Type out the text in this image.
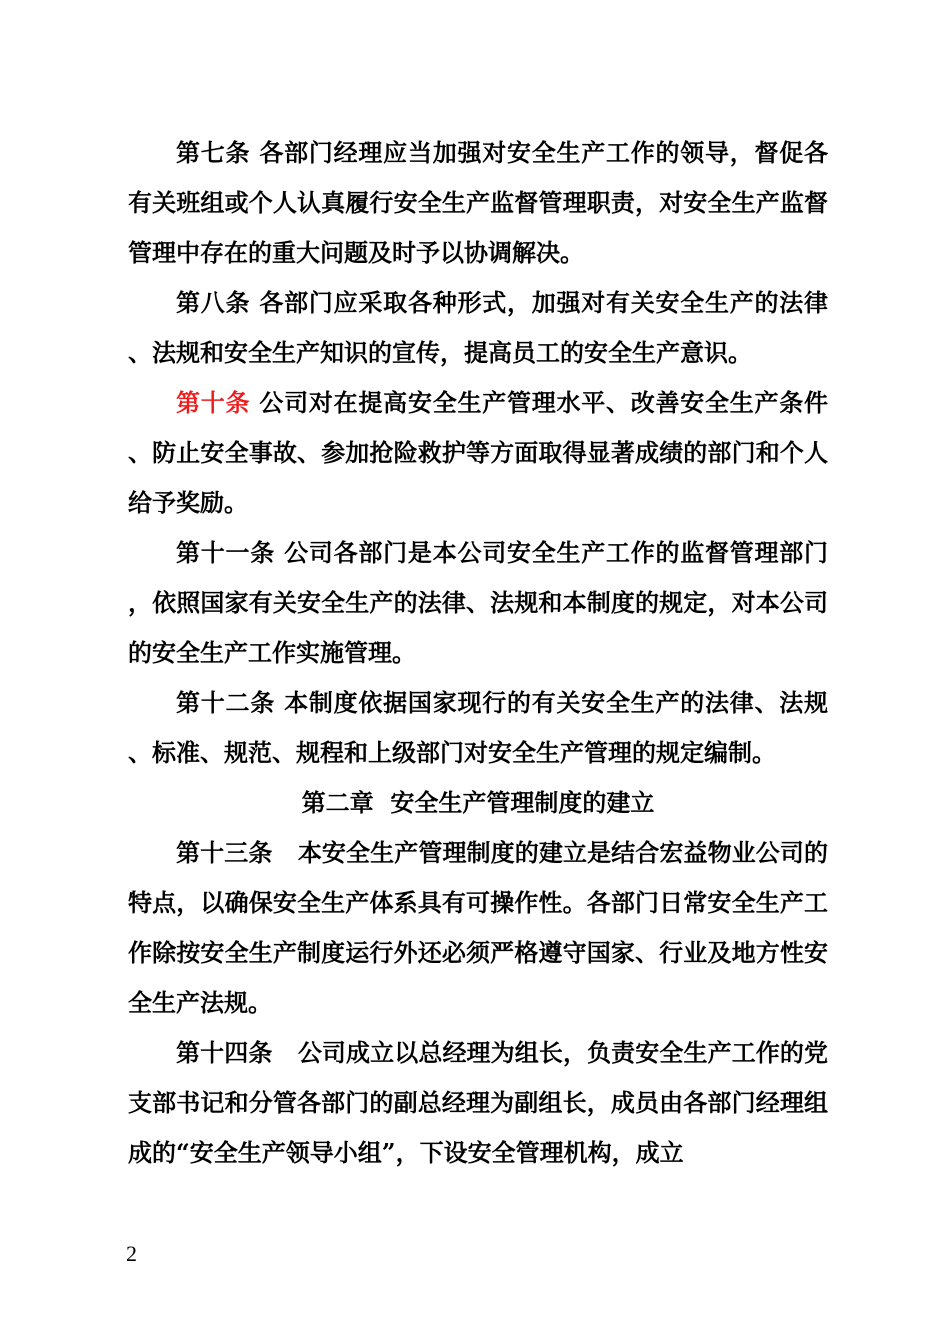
第七条 各部门经理应当加强对安全生产工作的领导，督促各有关班组或个人认真履行安全生产监督管理职责，对安全生产监督管理中存在的重大问题及时予以协调解决。

第八条 各部门应采取各种形式，加强对有关安全生产的法律、法规和安全生产知识的宣传，提高员工的安全生产意识。

第十条 公司对在提高安全生产管理水平、改善安全生产条件、防止安全事故、参加抢险救护等方面取得显著成绩的部门和个人给予奖励。

第十一条 公司各部门是本公司安全生产工作的监督管理部门，依照国家有关安全生产的法律、法规和本制度的规定，对本公司的安全生产工作实施管理。

第十二条 本制度依据国家现行的有关安全生产的法律、法规、标准、规范、规程和上级部门对安全生产管理的规定编制。

第二章  安全生产管理制度的建立

第十三条 本安全生产管理制度的建立是结合宏益物业公司的特点，以确保安全生产体系具有可操作性。各部门日常安全生产工作除按安全生产制度运行外还必须严格遵守国家、行业及地方性安全生产法规。

第十四条 公司成立以总经理为组长，负责安全生产工作的党支部书记和分管各部门的副总经理为副组长，成员由各部门经理组成的“安全生产领导小组”，下设安全管理机构，成立

2
